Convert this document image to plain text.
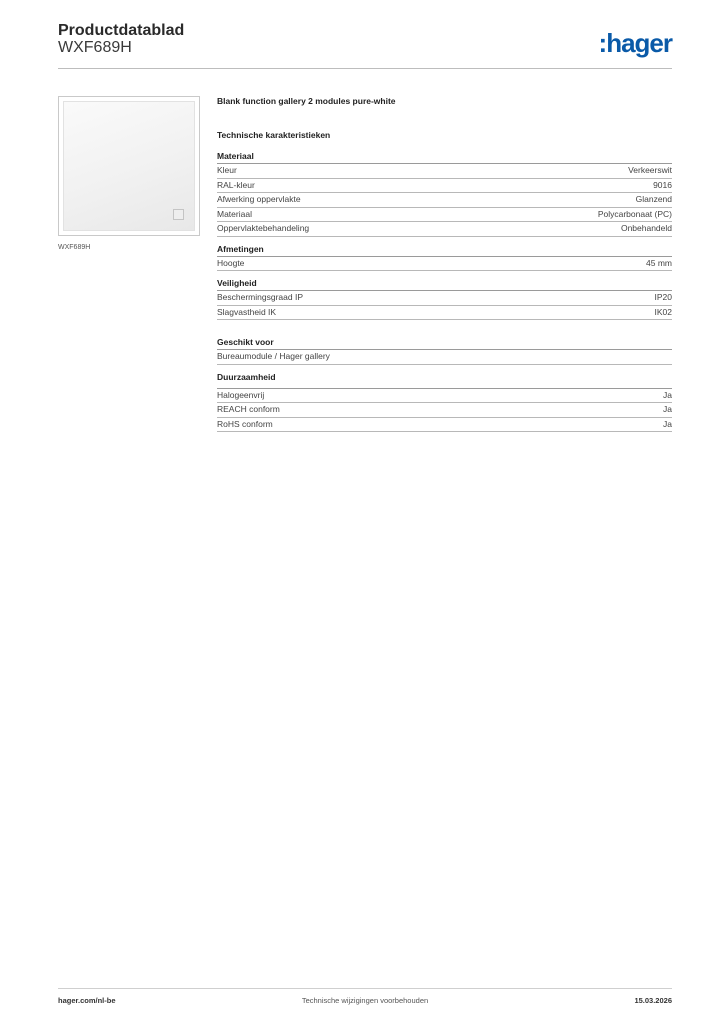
Productdatablad
WXF689H	:hager
WXF689H
Blank function gallery 2 modules pure-white
Technische karakteristieken
Materiaal
Kleur	Verkeerswit
RAL-kleur	9016
Afwerking oppervlakte	Glanzend
Materiaal	Polycarbonaat (PC)
Oppervlaktebehandeling	Onbehandeld
Afmetingen
Hoogte	45 mm
Veiligheid
Beschermingsgraad IP	IP20
Slagvastheid IK	IK02
Geschikt voor
Bureaumodule / Hager gallery
Duurzaamheid
Halogeenvrij	Ja
REACH conform	Ja
RoHS conform	Ja
hager.com/nl-be	Technische wijzigingen voorbehouden	15.03.2026
